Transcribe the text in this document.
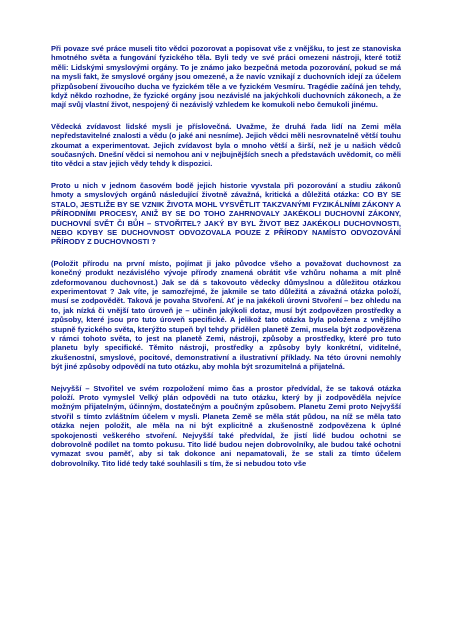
Při povaze své práce museli tito vědci pozorovat a popisovat vše z vnějšku, to jest ze stanoviska hmotného světa a fungování fyzického těla. Byli tedy ve své práci omezeni nástroji, které totiž měli: Lidskými smyslovými orgány. To je známo jako bezpečná metoda pozorování, pokud se má na mysli fakt, že smyslové orgány jsou omezené, a že navíc vznikají z duchovních idejí za účelem přizpůsobení živoucího ducha ve fyzickém těle a ve fyzickém Vesmíru. Tragédie začíná jen tehdy, když někdo rozhodne, že fyzické orgány jsou nezávislé na jakýchkoli duchovních zákonech, a že mají svůj vlastní život, nespojený či nezávislý vzhledem ke komukoli nebo čemukoli jinému.

Vědecká zvídavost lidské mysli je příslovečná. Uvažme, že druhá řada lidí na Zemi měla nepředstavitelné znalosti a vědu (o jaké ani nesníme). Jejich vědci měli nesrovnatelně větší touhu zkoumat a experimentovat. Jejich zvídavost byla o mnoho větší a širší, než je u našich vědců současných. Dnešní vědci si nemohou ani v nejbujnějších snech a představách uvědomit, co měli tito vědci a stav jejich vědy tehdy k dispozici.

Proto u nich v jednom časovém bodě jejich historie vyvstala při pozorování a studiu zákonů hmoty a smyslových orgánů následující životně závažná, kritická a důležitá otázka: CO BY SE STALO, JESTLIŽE BY SE VZNIK ŽIVOTA MOHL VYSVĚTLIT TAKZVANÝMI FYZIKÁLNÍMI ZÁKONY A PŘÍRODNÍMI PROCESY, ANIŽ BY SE DO TOHO ZAHRNOVALY JAKÉKOLI DUCHOVNÍ ZÁKONY, DUCHOVNÍ SVĚT ČI BŮH – STVOŘITEL? JAKÝ BY BYL ŽIVOT BEZ JAKÉKOLI DUCHOVNOSTI, NEBO KDYBY SE DUCHOVNOST ODVOZOVALA POUZE Z PŘÍRODY NAMÍSTO ODVOZOVÁNÍ PŘÍRODY Z DUCHOVNOSTI ?

(Položit přírodu na první místo, pojímat ji jako původce všeho a považovat duchovnost za konečný produkt nezávislého vývoje přírody znamená obrátit vše vzhůru nohama a mít plně zdeformovanou duchovnost.) Jak se dá s takovouto vědecky důmyslnou a důležitou otázkou experimentovat ? Jak víte, je samozřejmé, že jakmile se tato důležitá a závažná otázka položí, musí se zodpovědět. Taková je povaha Stvoření. Ať je na jakékoli úrovni Stvoření – bez ohledu na to, jak nízká či vnější tato úroveň je – učiněn jakýkoli dotaz, musí být zodpovězen prostředky a způsoby, které jsou pro tuto úroveň specifické. A jelikož tato otázka byla položena z vnějšího stupně fyzického světa, kterýžto stupeň byl tehdy přidělen planetě Zemi, musela být zodpovězena v rámci tohoto světa, to jest na planetě Zemi, nástroji, způsoby a prostředky, které pro tuto planetu byly specifické. Těmito nástroji, prostředky a způsoby byly konkrétní, viditelné, zkušenostní, smyslové, pocitové, demonstrativní a ilustrativní příklady. Na této úrovni nemohly být jiné způsoby odpovědí na tuto otázku, aby mohla být srozumitelná a přijatelná.

Nejvyšší – Stvořitel ve svém rozpoložení mimo čas a prostor předvídal, že se taková otázka položí. Proto vymyslel Velký plán odpovědi na tuto otázku, který by ji zodpověděla nejvíce možným přijatelným, účinným, dostatečným a poučným způsobem. Planetu Zemi proto Nejvyšší stvořil s tímto zvláštním účelem v mysli. Planeta Země se měla stát půdou, na níž se měla tato otázka nejen položit, ale měla na ni být explicitně a zkušenostně zodpovězena k úplné spokojenosti veškerého stvoření. Nejvyšší také předvídal, že jistí lidé budou ochotni se dobrovolně podílet na tomto pokusu. Tito lidé budou nejen dobrovolníky, ale budou také ochotni vymazat svou paměť, aby si tak dokonce ani nepamatovali, že se stali za tímto účelem dobrovolníky. Tito lidé tedy také souhlasili s tím, že si nebudou toto vše
